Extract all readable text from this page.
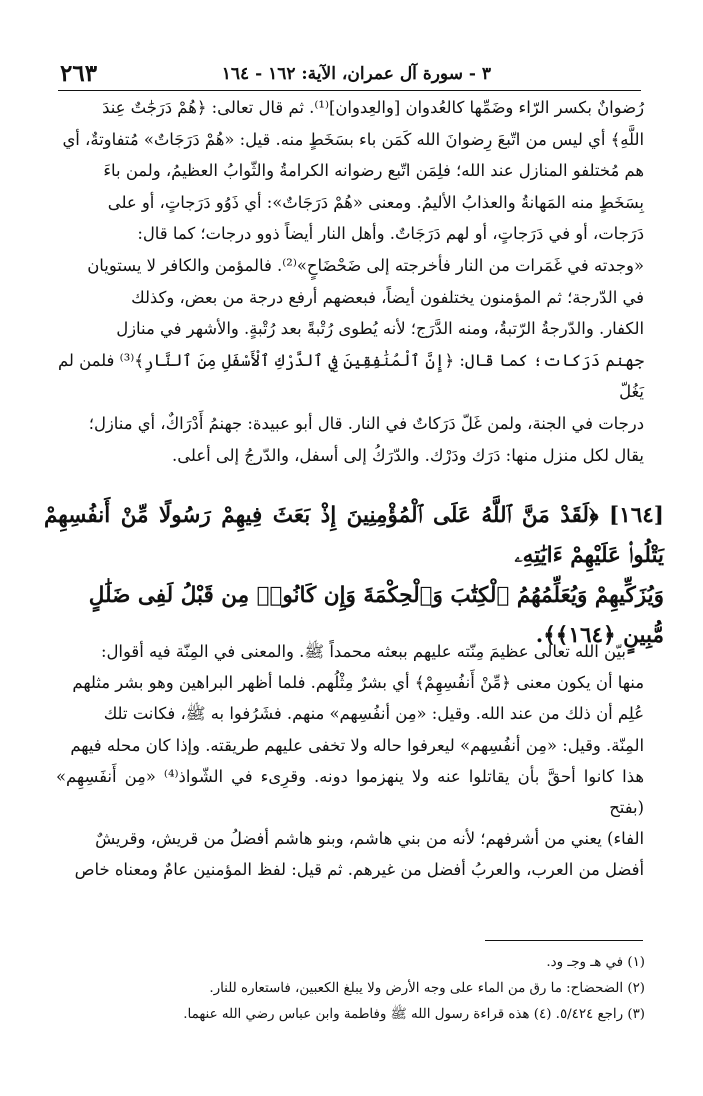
٢٦٣	٣ - سورة آل عمران، الآية: ١٦٢ - ١٦٤

رُضوانٌ بكسر الرّاء وضَمِّها كالعُدوان [والعِدوان]⁽¹⁾. ثم قال تعالى: ﴿هُمْ دَرَجَٰتٌ عِندَ

اللَّهِ﴾ أي ليس من اتّبعَ رِضوانَ الله كَمَن باء بسَخَطٍ منه. قيل: «هُمْ دَرَجَاتٌ» مُتفاوتةٌ، أي

هم مُختلفو المنازل عند الله؛ فلِمَن اتّبع رضوانه الكرامةُ والثّوابُ العظيمُ، ولمن باءَ

بِسَخَطٍ منه المَهانةُ والعذابُ الأليمُ. ومعنى «هُمْ دَرَجَاتٌ»: أي ذَوُو دَرَجاتٍ، أو على

دَرَجات، أو في دَرَجاتٍ، أو لهم دَرَجَاتٌ. وأهل النار أيضاً ذوو درجات؛ كما قال:

«وجدته في غَمَرات من النار فأخرجته إلى ضَحْضَاحٍ»⁽²⁾. فالمؤمن والكافر لا يستويان

في الدّرجة؛ ثم المؤمنون يختلفون أيضاً، فبعضهم أرفع درجة من بعض، وكذلك

الكفار. والدّرجةُ الرّتبةُ، ومنه الدَّرَج؛ لأنه يُطوى رُتْبةً بعد رُتْبةٍ. والأشهر في منازل

جهنم دَرَكات؛ كما قال: ﴿إِنَّ ٱلْمُنَٰفِقِينَ فِي ٱلدَّرْكِ ٱلْأَسْفَلِ مِنَ ٱلنَّارِ﴾⁽³⁾ فلمن لم يَغُلّ

درجات في الجنة، ولمن غَلّ دَرَكاتٌ في النار. قال أبو عبيدة: جهنمُ أَدْرَاكٌ، أي منازل؛

يقال لكل منزل منها: دَرَك ودَرْك. والدّرَكُ إلى أسفل، والدّرجُ إلى أعلى.

[١٦٤] ﴿لَقَدْ مَنَّ ٱللَّهُ عَلَى ٱلْمُؤْمِنِينَ إِذْ بَعَثَ فِيهِمْ رَسُولًا مِّنْ أَنفُسِهِمْ يَتْلُوا۟ عَلَيْهِمْ ءَايَٰتِهِۦ

وَيُزَكِّيهِمْ وَيُعَلِّمُهُمُ ٱلْكِتَٰبَ وَٱلْحِكْمَةَ وَإِن كَانُوا۟ مِن قَبْلُ لَفِى ضَلَٰلٍ

مُّبِينٍ ﴿١٦٤﴾﴾.

بيّن الله تعالى عظيمَ مِنّته عليهم ببعثه محمداً ﷺ. والمعنى في المِنّة فيه أقوال:

منها أن يكون معنى ﴿مِّنْ أَنفُسِهِمْ﴾ أي بشرٌ مِثْلُهم. فلما أظهر البراهين وهو بشر مثلهم

عُلِم أن ذلك من عند الله. وقيل: «مِن أنفُسِهم» منهم. فشَرُفوا به ﷺ، فكانت تلك

المِنّة. وقيل: «مِن أنفُسِهم» ليعرفوا حاله ولا تخفى عليهم طريقته. وإذا كان محله فيهم

هذا كانوا أحقَّ بأن يقاتلوا عنه ولا ينهزموا دونه. وقرِىء في الشّواذ⁽⁴⁾ «مِن أَنفَسِهِم» (بفتح

الفاء) يعني من أشرفهم؛ لأنه من بني هاشم، وبنو هاشم أفضلُ من قريش، وقريشٌ

أفضل من العرب، والعربُ أفضل من غيرهم. ثم قيل: لفظ المؤمنين عامٌ ومعناه خاص

(١) في هـ وجـ ود.
(٢) الضحضاح: ما رق من الماء على وجه الأرض ولا يبلغ الكعبين، فاستعاره للنار.
(٣) راجع ٥/٤٢٤. (٤) هذه قراءة رسول الله ﷺ وفاطمة وابن عباس رضي الله عنهما.
